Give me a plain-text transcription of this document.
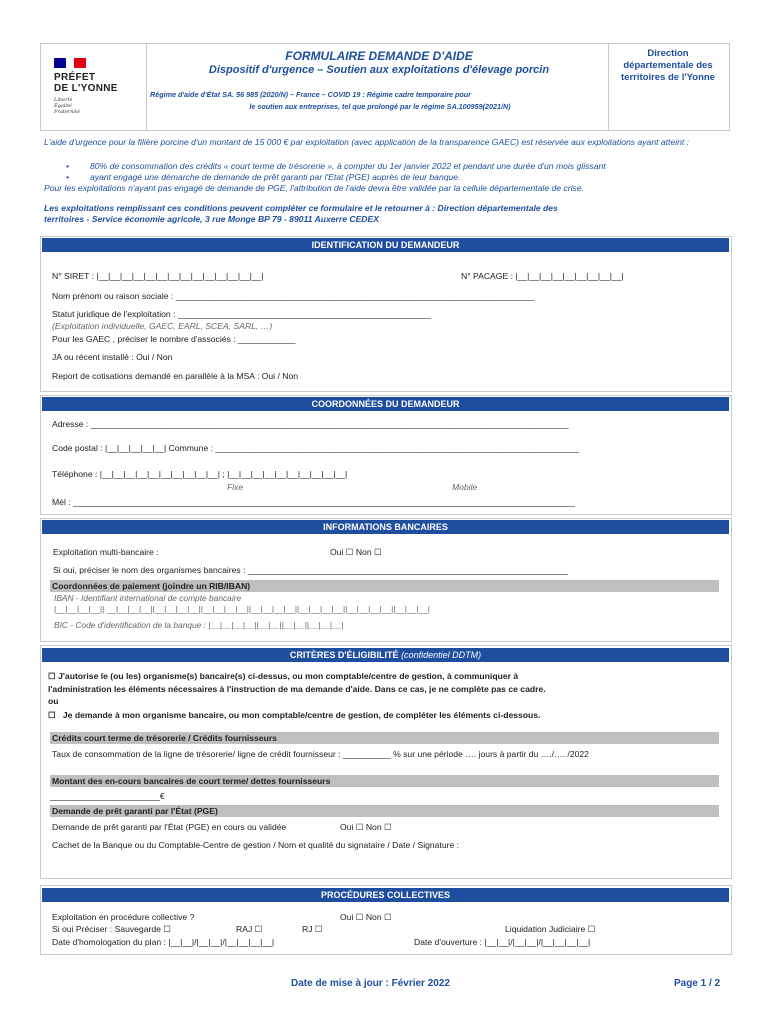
PRÉFET
DE L'YONNE
Liberté
Égalité
Fraternité
FORMULAIRE DEMANDE D'AIDE
Dispositif d'urgence – Soutien aux exploitations d'élevage porcin
Régime d'aide d'État SA. 56 985 (2020/N) – France – COVID 19 : Régime cadre temporaire pour
le soutien aux entreprises, tel que prolongé par le régime SA.100959(2021/N)
Direction départementale des territoires de l'Yonne
L'aide d'urgence pour la filière porcine d'un montant de 15 000 € par exploitation (avec application de la transparence GAEC) est réservée aux exploitations ayant atteint :
• 80% de consommation des crédits « court terme de trésorerie », à compter du 1er janvier 2022 et pendant une durée d'un mois glissant
• ayant engagé une démarche de demande de prêt garanti par l'Etat (PGE) auprès de leur banque.
Pour les exploitations n'ayant pas engagé de demande de PGE, l'attribution de l'aide devra être validée par la cellule départementale de crise.
Les exploitations remplissant ces conditions peuvent compléter ce formulaire et le retourner à : Direction départementale des
territoires - Service économie agricole, 3 rue Monge BP 79 - 89011 Auxerre CEDEX
IDENTIFICATION DU DEMANDEUR
N° SIRET : |__|__|__|__|__|__|__|__|__|__|__|__|__|__|	N° PACAGE : |__|__|__|__|__|__|__|__|__|
Nom prénom ou raison sociale : ___________________________________________________________________________
Statut juridique de l'exploitation : _____________________________________________________
(Exploitation individuelle, GAEC, EARL, SCEA, SARL, …)
Pour les GAEC , préciser le nombre d'associés : ____________
JA ou récent installé : Oui / Non
Report de cotisations demandé en parallèle à la MSA : Oui / Non
COORDONNÉES DU DEMANDEUR
Adresse : ____________________________________________________________________________________________________
Code postal : |__|__|__|__|__| Commune : ____________________________________________________________________________
Téléphone : |__|__|__|__|__|__|__|__|__|__| ; |__|__|__|__|__|__|__|__|__|__|
Fixe	Mobile
Mél : _________________________________________________________________________________________________________
INFORMATIONS BANCAIRES
Exploitation multi-bancaire :	Oui ☐ Non ☐
Si oui, préciser le nom des organismes bancaires : ___________________________________________________________________
Coordonnées de paiement (joindre un RIB/IBAN)
IBAN - Identifiant international de compte bancaire
|__|__|__|__|| __|__|__|__||__|__|__|__||__|__|__|__||__|__|__|__||__|__|__|__||__|__|__|__||__|__|__|
BIC - Code d'identification de la banque : |__|__|__|__||__|__||__|__||__|__|__|
CRITÈRES D'ÉLIGIBILITÉ (confidentiel DDTM)
☐ J'autorise le (ou les) organisme(s) bancaire(s) ci-dessus, ou mon comptable/centre de gestion, à communiquer à
l'administration les éléments nécessaires à l'instruction de ma demande d'aide. Dans ce cas, je ne complète pas ce cadre.
ou
☐ Je demande à mon organisme bancaire, ou mon comptable/centre de gestion, de compléter les éléments ci-dessous.
Crédits court terme de trésorerie / Crédits fournisseurs
Taux de consommation de la ligne de trésorerie/ ligne de crédit fournisseur : __________ % sur une période …. jours à partir du …./…. /2022
Montant des en-cours bancaires de court terme/ dettes fournisseurs
_______________________€
Demande de prêt garanti par l'État (PGE)
Demande de prêt garanti par l'État (PGE) en cours ou validée	Oui ☐ Non ☐
Cachet de la Banque ou du Comptable-Centre de gestion / Nom et qualité du signataire / Date / Signature :
PROCÉDURES COLLECTIVES
Exploitation en procédure collective ?	Oui ☐ Non ☐
Si oui Préciser : Sauvegarde ☐	RAJ ☐	RJ ☐	Liquidation Judiciaire ☐
Date d'homologation du plan : |__|__|/|__|__|/|__|__|__|__|	Date d'ouverture : |__|__|/|__|__|/|__|__|__|__|
Date de mise à jour : Février 2022	Page 1 / 2
